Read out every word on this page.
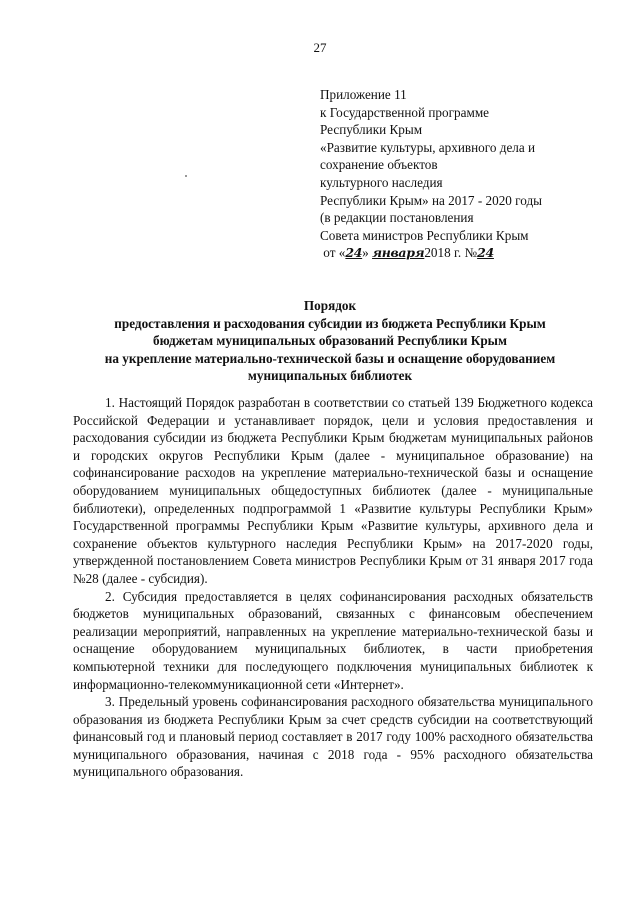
27
Приложение 11
к Государственной программе
Республики Крым
«Развитие культуры, архивного дела и
сохранение объектов
культурного наследия
Республики Крым» на 2017 - 2020 годы
(в редакции постановления
Совета министров Республики Крым
от «24» января2018 г. №24
Порядок
предоставления и расходования субсидии из бюджета Республики Крым
бюджетам муниципальных образований Республики Крым
на укрепление материально-технической базы и оснащение оборудованием
муниципальных библиотек

1. Настоящий Порядок разработан в соответствии со статьей 139 Бюджетного кодекса Российской Федерации и устанавливает порядок, цели и условия предоставления и расходования субсидии из бюджета Республики Крым бюджетам муниципальных районов и городских округов Республики Крым (далее - муниципальное образование) на софинансирование расходов на укрепление материально-технической базы и оснащение оборудованием муниципальных общедоступных библиотек (далее - муниципальные библиотеки), определенных подпрограммой 1 «Развитие культуры Республики Крым» Государственной программы Республики Крым «Развитие культуры, архивного дела и сохранение объектов культурного наследия Республики Крым» на 2017-2020 годы, утвержденной постановлением Совета министров Республики Крым от 31 января 2017 года №28 (далее - субсидия).

2. Субсидия предоставляется в целях софинансирования расходных обязательств бюджетов муниципальных образований, связанных с финансовым обеспечением реализации мероприятий, направленных на укрепление материально-технической базы и оснащение оборудованием муниципальных библиотек, в части приобретения компьютерной техники для последующего подключения муниципальных библиотек к информационно-телекоммуникационной сети «Интернет».

3. Предельный уровень софинансирования расходного обязательства муниципального образования из бюджета Республики Крым за счет средств субсидии на соответствующий финансовый год и плановый период составляет в 2017 году 100% расходного обязательства муниципального образования, начиная с 2018 года - 95% расходного обязательства муниципального образования.
